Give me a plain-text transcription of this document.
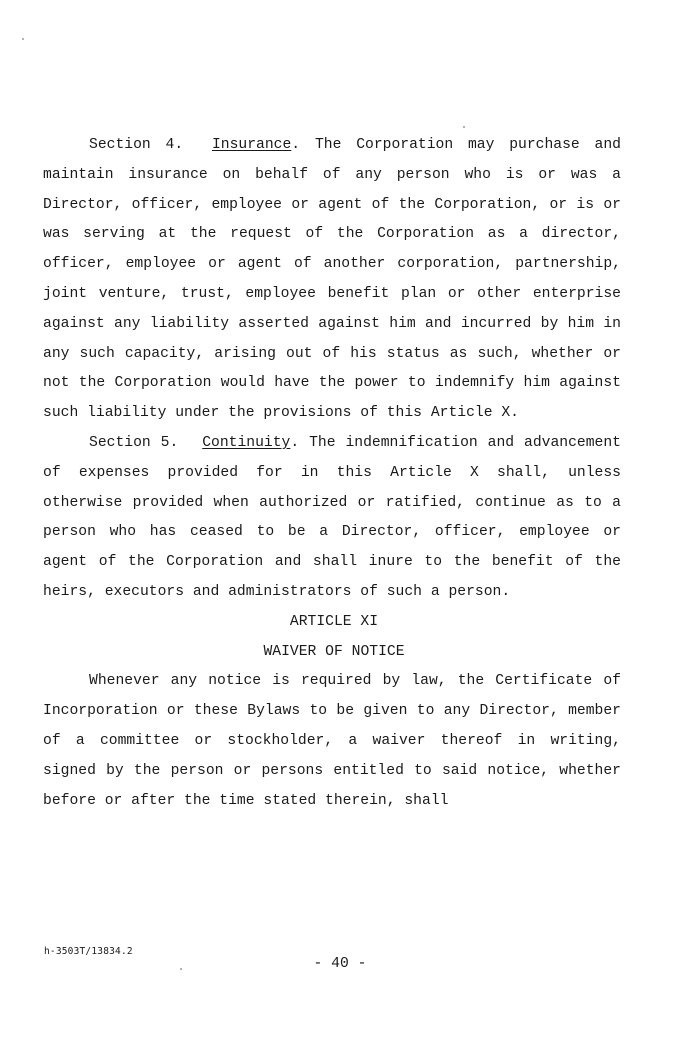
Section 4. Insurance. The Corporation may purchase and maintain insurance on behalf of any person who is or was a Director, officer, employee or agent of the Corporation, or is or was serving at the request of the Corporation as a director, officer, employee or agent of another corporation, partnership, joint venture, trust, employee benefit plan or other enterprise against any liability asserted against him and incurred by him in any such capacity, arising out of his status as such, whether or not the Corporation would have the power to indemnify him against such liability under the provisions of this Article X.

Section 5. Continuity. The indemnification and advancement of expenses provided for in this Article X shall, unless otherwise provided when authorized or ratified, continue as to a person who has ceased to be a Director, officer, employee or agent of the Corporation and shall inure to the benefit of the heirs, executors and administrators of such a person.

ARTICLE XI

WAIVER OF NOTICE

Whenever any notice is required by law, the Certificate of Incorporation or these Bylaws to be given to any Director, member of a committee or stockholder, a waiver thereof in writing, signed by the person or persons entitled to said notice, whether before or after the time stated therein, shall

h-3503T/13834.2
- 40 -
